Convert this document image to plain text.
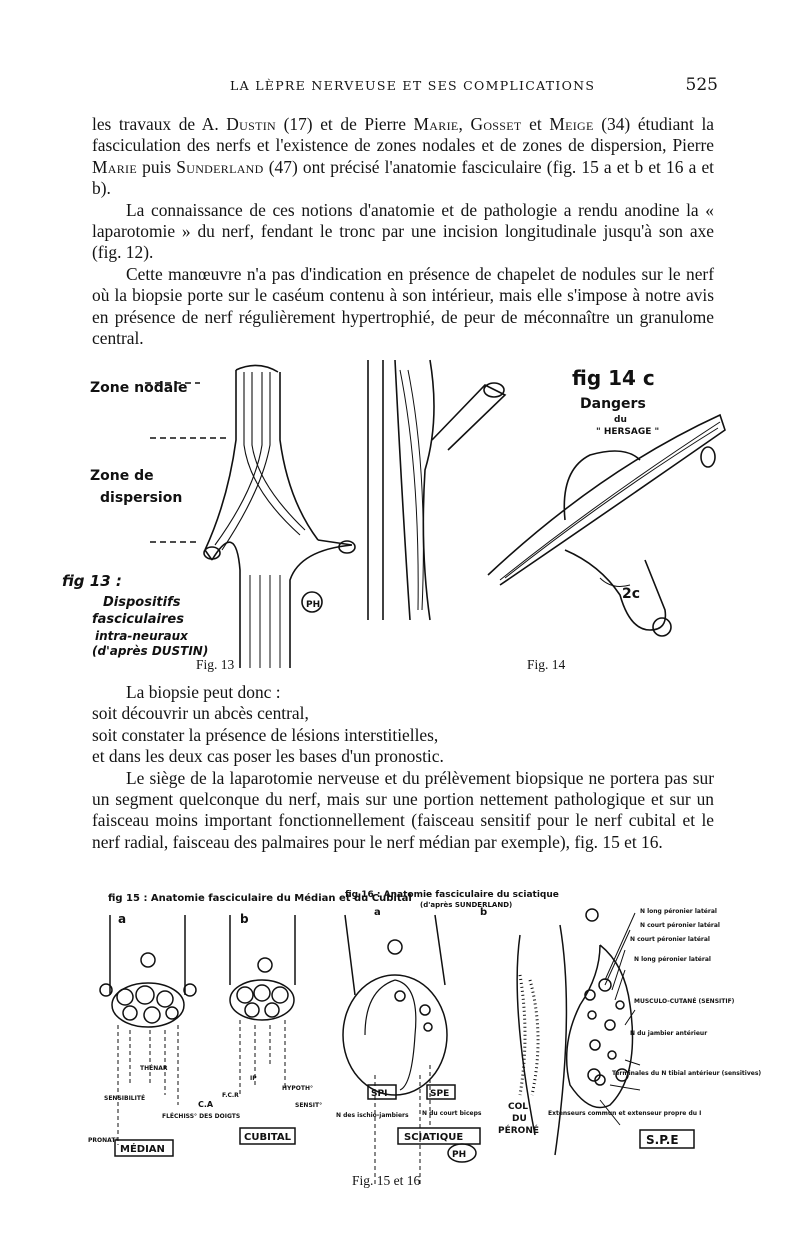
LA LÈPRE NERVEUSE ET SES COMPLICATIONS	525

les travaux de A. Dustin (17) et de Pierre Marie, Gosset et Meige (34) étudiant la fasciculation des nerfs et l'existence de zones nodales et de zones de dispersion, Pierre Marie puis Sunderland (47) ont précisé l'anatomie fasciculaire (fig. 15 a et b et 16 a et b).

La connaissance de ces notions d'anatomie et de pathologie a rendu anodine la « laparotomie » du nerf, fendant le tronc par une incision longitudinale jusqu'à son axe (fig. 12).

Cette manœuvre n'a pas d'indication en présence de chapelet de nodules sur le nerf où la biopsie porte sur le caséum contenu à son intérieur, mais elle s'impose à notre avis en présence de nerf régulièrement hypertrophié, de peur de méconnaître un granulome central.

Zone nodale
Zone de
dispersion
fig 13 :
Dispositifs
fasciculaires
intra-neuraux
(d'après DUSTIN)
PH
fig 14 c
Dangers
du
" HERSAGE "
2c
Fig. 13	Fig. 14

La biopsie peut donc :

soit découvrir un abcès central,

soit constater la présence de lésions interstitielles,

et dans les deux cas poser les bases d'un pronostic.

Le siège de la laparotomie nerveuse et du prélèvement biopsique ne portera pas sur un segment quelconque du nerf, mais sur une portion nettement pathologique et sur un faisceau moins important fonctionnellement (faisceau sensitif pour le nerf cubital et le nerf radial, faisceau des palmaires pour le nerf médian par exemple), fig. 15 et 16.

fig 15 : Anatomie fasciculaire du Médian et du Cubital
a	b
MÉDIAN
CUBITAL
SENSIBILITÉ
THÉNAR
PRONAT°
FLÉCHISS° DES DOIGTS
C.A
F.C.R
IP
HYPOTH°
SENSIT°
fig 16 : Anatomie fasciculaire du sciatique
(d'après SUNDERLAND)
a	b
SPI	SPE
SCIATIQUE
N des ischio-jambiers N du court biceps
COL
DU
PÉRONÉ
S.P.E
N long péronier latéral
N court péronier latéral
N court péronier latéral
N long péronier latéral
MUSCULO-CUTANÉ (SENSITIF)
N du jambier antérieur
Terminales du N tibial antérieur (sensitives)
Extenseurs commun et extenseur propre du I
PH
Fig. 15 et 16
